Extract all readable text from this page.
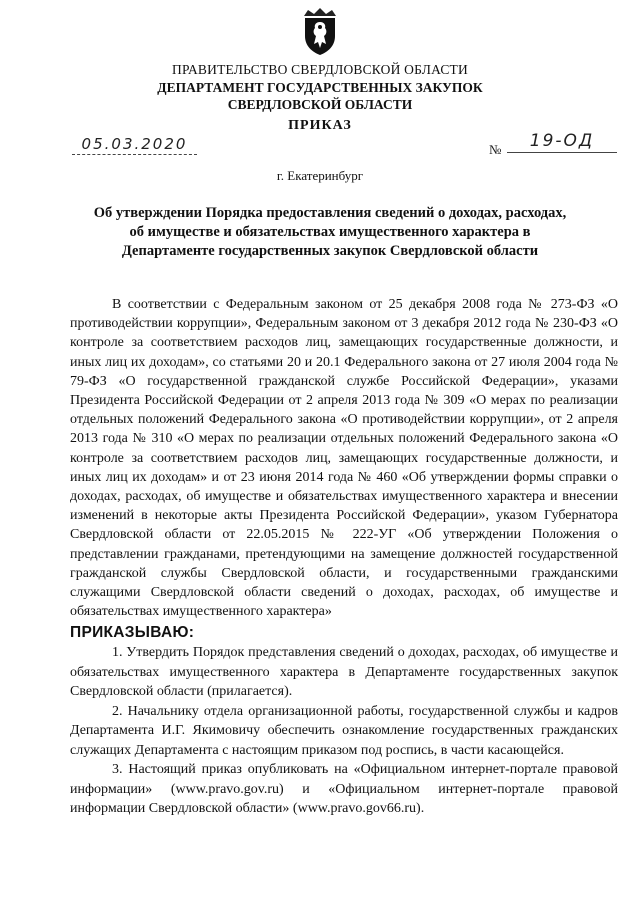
ПРАВИТЕЛЬСТВО СВЕРДЛОВСКОЙ ОБЛАСТИ
ДЕПАРТАМЕНТ ГОСУДАРСТВЕННЫХ ЗАКУПОК
СВЕРДЛОВСКОЙ ОБЛАСТИ
ПРИКАЗ
05.03.2020	№	19-ОД
г. Екатеринбург
Об утверждении Порядка предоставления сведений о доходах, расходах,
об имуществе и обязательствах имущественного характера в
Департаменте государственных закупок Свердловской области

В соответствии с Федеральным законом от 25 декабря 2008 года № 273-ФЗ «О противодействии коррупции», Федеральным законом от 3 декабря 2012 года № 230-ФЗ «О контроле за соответствием расходов лиц, замещающих государственные должности, и иных лиц их доходам», со статьями 20 и 20.1 Федерального закона от 27 июля 2004 года № 79-ФЗ «О государственной гражданской службе Российской Федерации», указами Президента Российской Федерации от 2 апреля 2013 года № 309 «О мерах по реализации отдельных положений Федерального закона «О противодействии коррупции», от 2 апреля 2013 года № 310 «О мерах по реализации отдельных положений Федерального закона «О контроле за соответствием расходов лиц, замещающих государственные должности, и иных лиц их доходам» и от 23 июня 2014 года № 460 «Об утверждении формы справки о доходах, расходах, об имуществе и обязательствах имущественного характера и внесении изменений в некоторые акты Президента Российской Федерации», указом Губернатора Свердловской области от 22.05.2015 № 222-УГ «Об утверждении Положения о представлении гражданами, претендующими на замещение должностей государственной гражданской службы Свердловской области, и государственными гражданскими служащими Свердловской области сведений о доходах, расходах, об имуществе и обязательствах имущественного характера»

ПРИКАЗЫВАЮ:

1. Утвердить Порядок представления сведений о доходах, расходах, об имуществе и обязательствах имущественного характера в Департаменте государственных закупок Свердловской области (прилагается).

2. Начальнику отдела организационной работы, государственной службы и кадров Департамента И.Г. Якимовичу обеспечить ознакомление государственных гражданских служащих Департамента с настоящим приказом под роспись, в части касающейся.

3. Настоящий приказ опубликовать на «Официальном интернет-портале правовой информации» (www.pravo.gov.ru) и «Официальном интернет-портале правовой информации Свердловской области» (www.pravo.gov66.ru).
